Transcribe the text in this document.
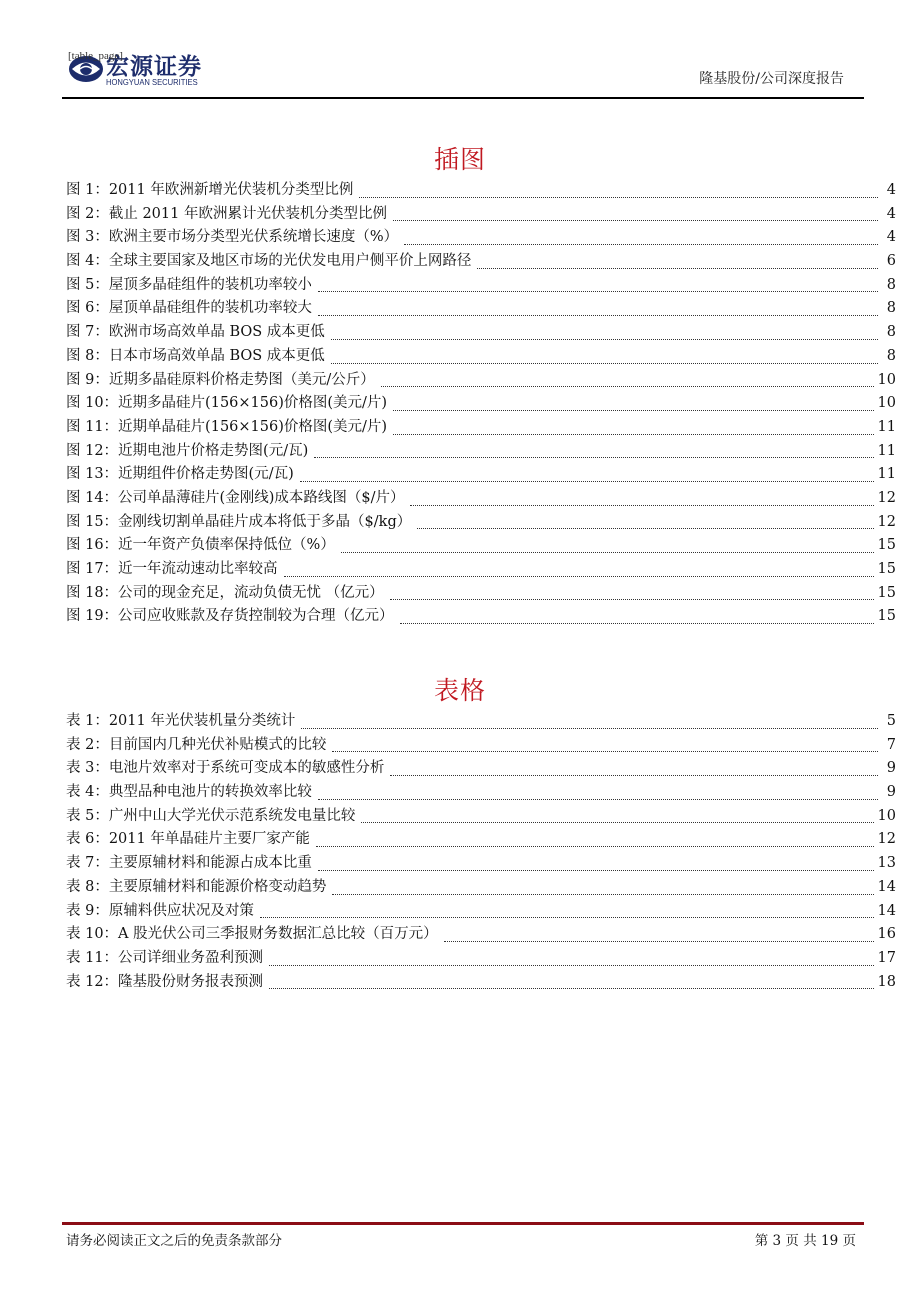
宏源证券
HONGYUAN SECURITIES
[table_page]
隆基股份/公司深度报告
插图
图 1：2011 年欧洲新增光伏装机分类型比例	4
图 2：截止 2011 年欧洲累计光伏装机分类型比例	4
图 3：欧洲主要市场分类型光伏系统增长速度（%）	4
图 4：全球主要国家及地区市场的光伏发电用户侧平价上网路径	6
图 5：屋顶多晶硅组件的装机功率较小	8
图 6：屋顶单晶硅组件的装机功率较大	8
图 7：欧洲市场高效单晶 BOS 成本更低	8
图 8：日本市场高效单晶 BOS 成本更低	8
图 9：近期多晶硅原料价格走势图（美元/公斤）	10
图 10：近期多晶硅片(156×156)价格图(美元/片)	10
图 11：近期单晶硅片(156×156)价格图(美元/片)	11
图 12：近期电池片价格走势图(元/瓦)	11
图 13：近期组件价格走势图(元/瓦)	11
图 14：公司单晶薄硅片(金刚线)成本路线图（$/片）	12
图 15：金刚线切割单晶硅片成本将低于多晶（$/kg）	12
图 16：近一年资产负债率保持低位（%）	15
图 17：近一年流动速动比率较高	15
图 18：公司的现金充足，流动负债无忧 （亿元）	15
图 19：公司应收账款及存货控制较为合理（亿元）	15
表格
表 1：2011 年光伏装机量分类统计	5
表 2：目前国内几种光伏补贴模式的比较	7
表 3：电池片效率对于系统可变成本的敏感性分析	9
表 4：典型品种电池片的转换效率比较	9
表 5：广州中山大学光伏示范系统发电量比较	10
表 6：2011 年单晶硅片主要厂家产能	12
表 7：主要原辅材料和能源占成本比重	13
表 8：主要原辅材料和能源价格变动趋势	14
表 9：原辅料供应状况及对策	14
表 10：A 股光伏公司三季报财务数据汇总比较（百万元）	16
表 11：公司详细业务盈利预测	17
表 12：隆基股份财务报表预测	18
请务必阅读正文之后的免责条款部分	第 3 页 共 19 页
